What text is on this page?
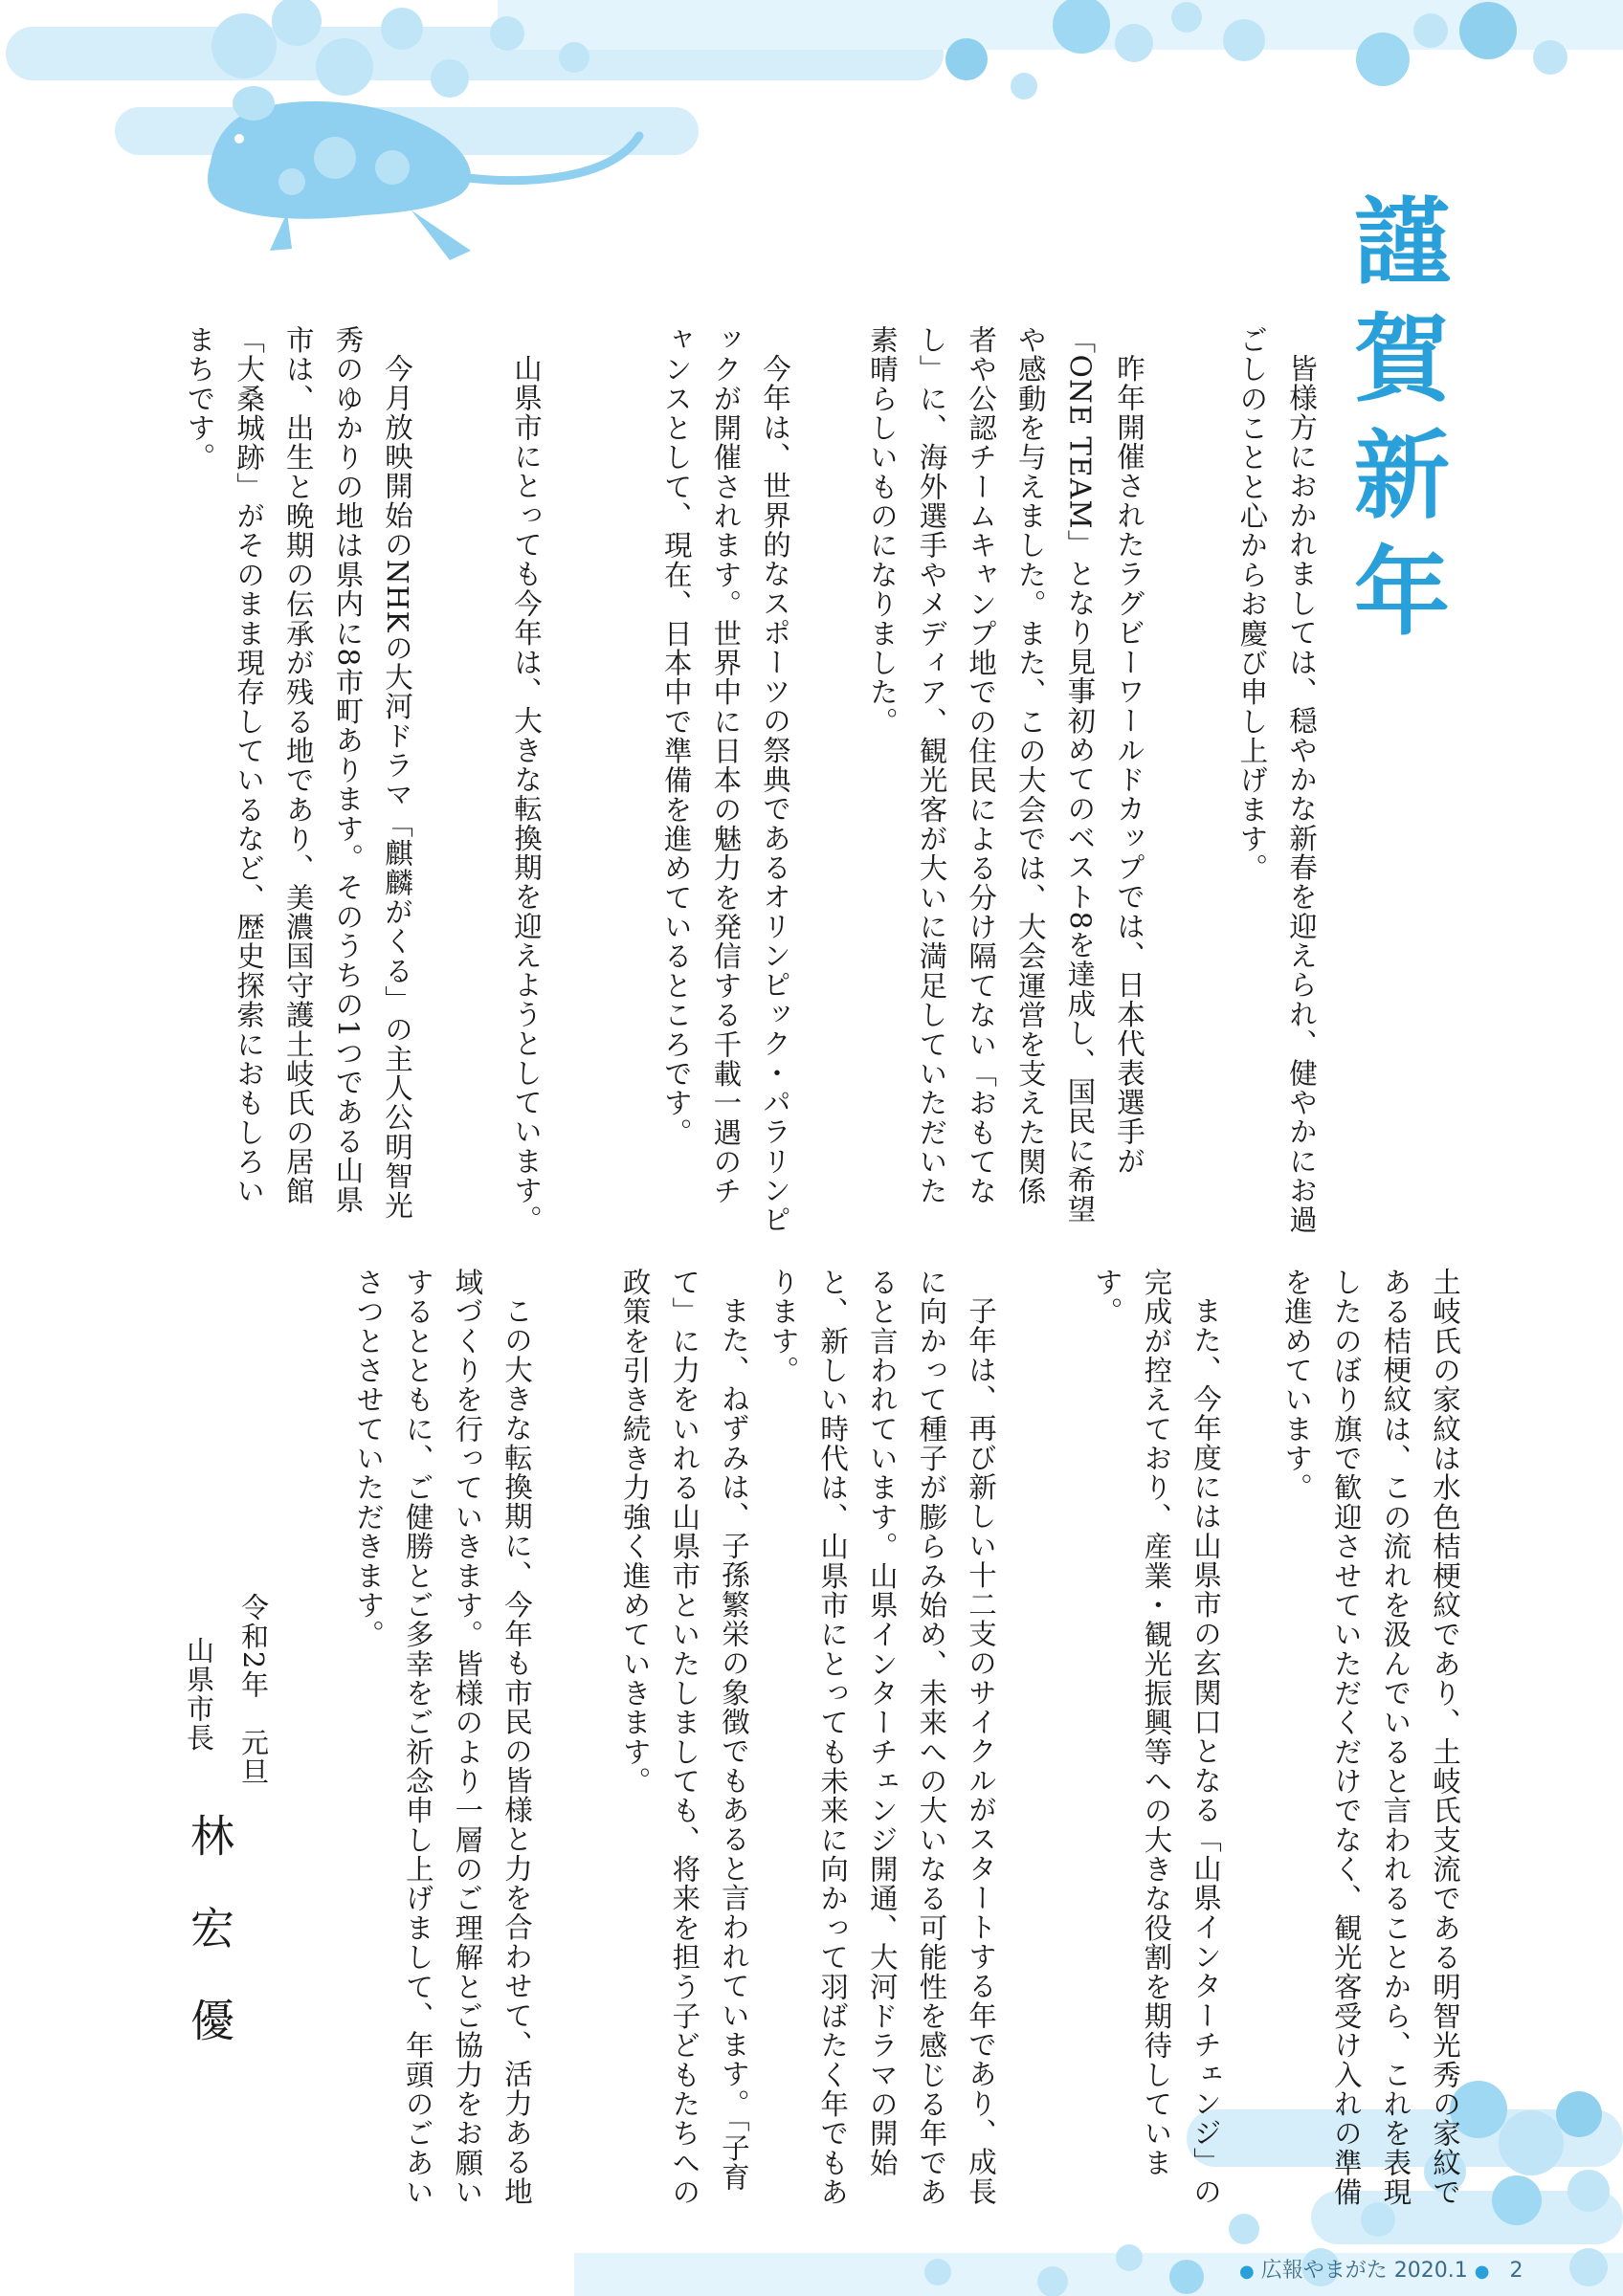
謹賀新年

皆様方におかれましては、穏やかな新春を迎えられ、健やかにお過ごしのことと心からお慶び申し上げます。

昨年開催されたラグビーワールドカップでは、日本代表選手が「ONE TEAM」となり見事初めてのベスト8を達成し、国民に希望や感動を与えました。また、この大会では、大会運営を支えた関係者や公認チームキャンプ地での住民による分け隔てない「おもてなし」に、海外選手やメディア、観光客が大いに満足していただいた素晴らしいものになりました。

今年は、世界的なスポーツの祭典であるオリンピック・パラリンピックが開催されます。世界中に日本の魅力を発信する千載一遇のチャンスとして、現在、日本中で準備を進めているところです。

山県市にとっても今年は、大きな転換期を迎えようとしています。

今月放映開始のNHKの大河ドラマ「麒麟がくる」の主人公明智光秀のゆかりの地は県内に8市町あります。そのうちの1つである山県市は、出生と晩期の伝承が残る地であり、美濃国守護土岐氏の居館「大桑城跡」がそのまま現存しているなど、歴史探索におもしろいまちです。

土岐氏の家紋は水色桔梗紋であり、土岐氏支流である明智光秀の家紋である桔梗紋は、この流れを汲んでいると言われることから、これを表現したのぼり旗で歓迎させていただくだけでなく、観光客受け入れの準備を進めています。

また、今年度には山県市の玄関口となる「山県インターチェンジ」の完成が控えており、産業・観光振興等への大きな役割を期待しています。

子年は、再び新しい十二支のサイクルがスタートする年であり、成長に向かって種子が膨らみ始め、未来への大いなる可能性を感じる年であると言われています。山県インターチェンジ開通、大河ドラマの開始と、新しい時代は、山県市にとっても未来に向かって羽ばたく年でもあります。

また、ねずみは、子孫繁栄の象徴でもあると言われています。「子育て」に力をいれる山県市といたしましても、将来を担う子どもたちへの政策を引き続き力強く進めていきます。

この大きな転換期に、今年も市民の皆様と力を合わせて、活力ある地域づくりを行っていきます。皆様のより一層のご理解とご協力をお願いするとともに、ご健勝とご多幸をご祈念申し上げまして、年頭のごあいさつとさせていただきます。

令和2年　元旦
山県市長
林宏優
● 広報やまがた 2020.1 ● 2
